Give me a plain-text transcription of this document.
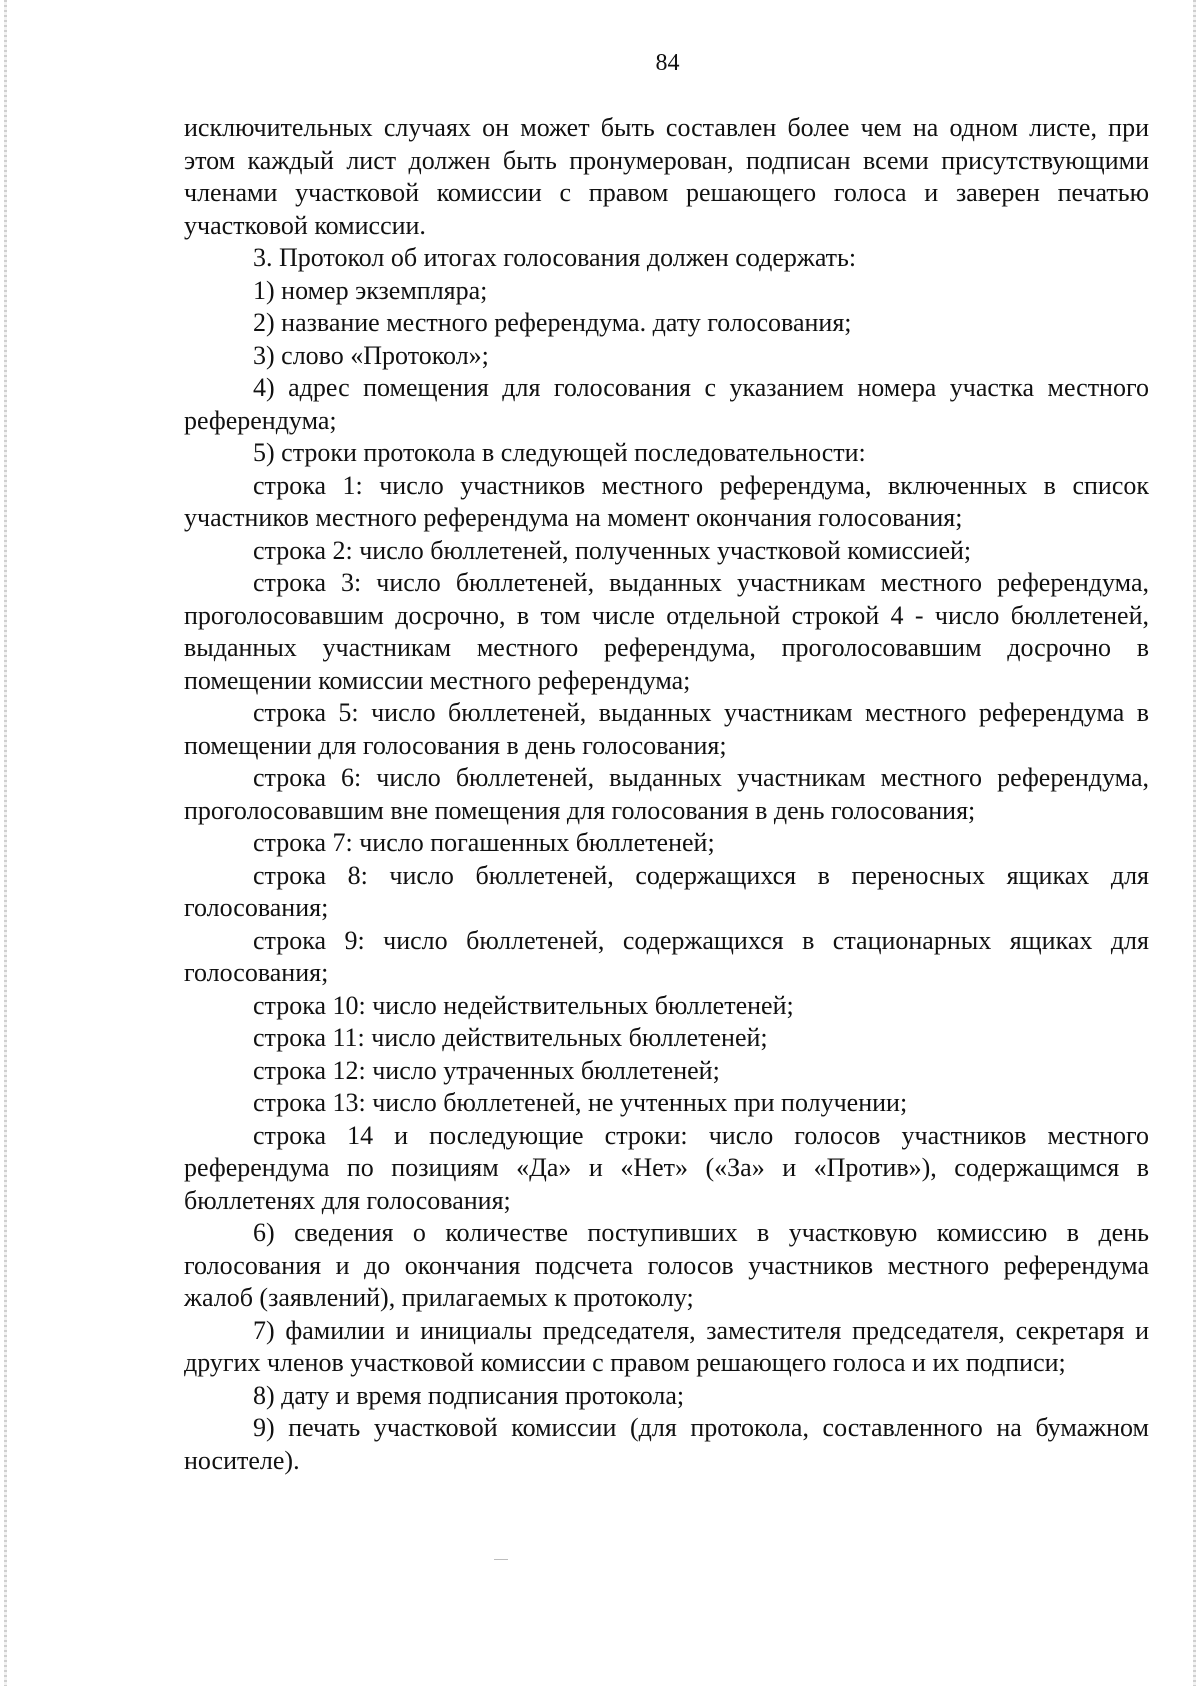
84

исключительных случаях он может быть составлен более чем на одном листе, при этом каждый лист должен быть пронумерован, подписан всеми присутствующими членами участковой комиссии с правом решающего голоса и заверен печатью участковой комиссии.

3. Протокол об итогах голосования должен содержать:

1) номер экземпляра;

2) название местного референдума. дату голосования;

3) слово «Протокол»;

4) адрес помещения для голосования с указанием номера участка местного референдума;

5) строки протокола в следующей последовательности:

строка 1: число участников местного референдума, включенных в список участников местного референдума на момент окончания голосования;

строка 2: число бюллетеней, полученных участковой комиссией;

строка 3: число бюллетеней, выданных участникам местного референдума, проголосовавшим досрочно, в том числе отдельной строкой 4 - число бюллетеней, выданных участникам местного референдума, проголосовавшим досрочно в помещении комиссии местного референдума;

строка 5: число бюллетеней, выданных участникам местного референдума в помещении для голосования в день голосования;

строка 6: число бюллетеней, выданных участникам местного референдума, проголосовавшим вне помещения для голосования в день голосования;

строка 7: число погашенных бюллетеней;

строка 8: число бюллетеней, содержащихся в переносных ящиках для голосования;

строка 9: число бюллетеней, содержащихся в стационарных ящиках для голосования;

строка 10: число недействительных бюллетеней;

строка 11: число действительных бюллетеней;

строка 12: число утраченных бюллетеней;

строка 13: число бюллетеней, не учтенных при получении;

строка 14 и последующие строки: число голосов участников местного референдума по позициям «Да» и «Нет» («За» и «Против»), содержащимся в бюллетенях для голосования;

6) сведения о количестве поступивших в участковую комиссию в день голосования и до окончания подсчета голосов участников местного референдума жалоб (заявлений), прилагаемых к протоколу;

7) фамилии и инициалы председателя, заместителя председателя, секретаря и других членов участковой комиссии с правом решающего голоса и их подписи;

8) дату и время подписания протокола;

9) печать участковой комиссии (для протокола, составленного на бумажном носителе).
